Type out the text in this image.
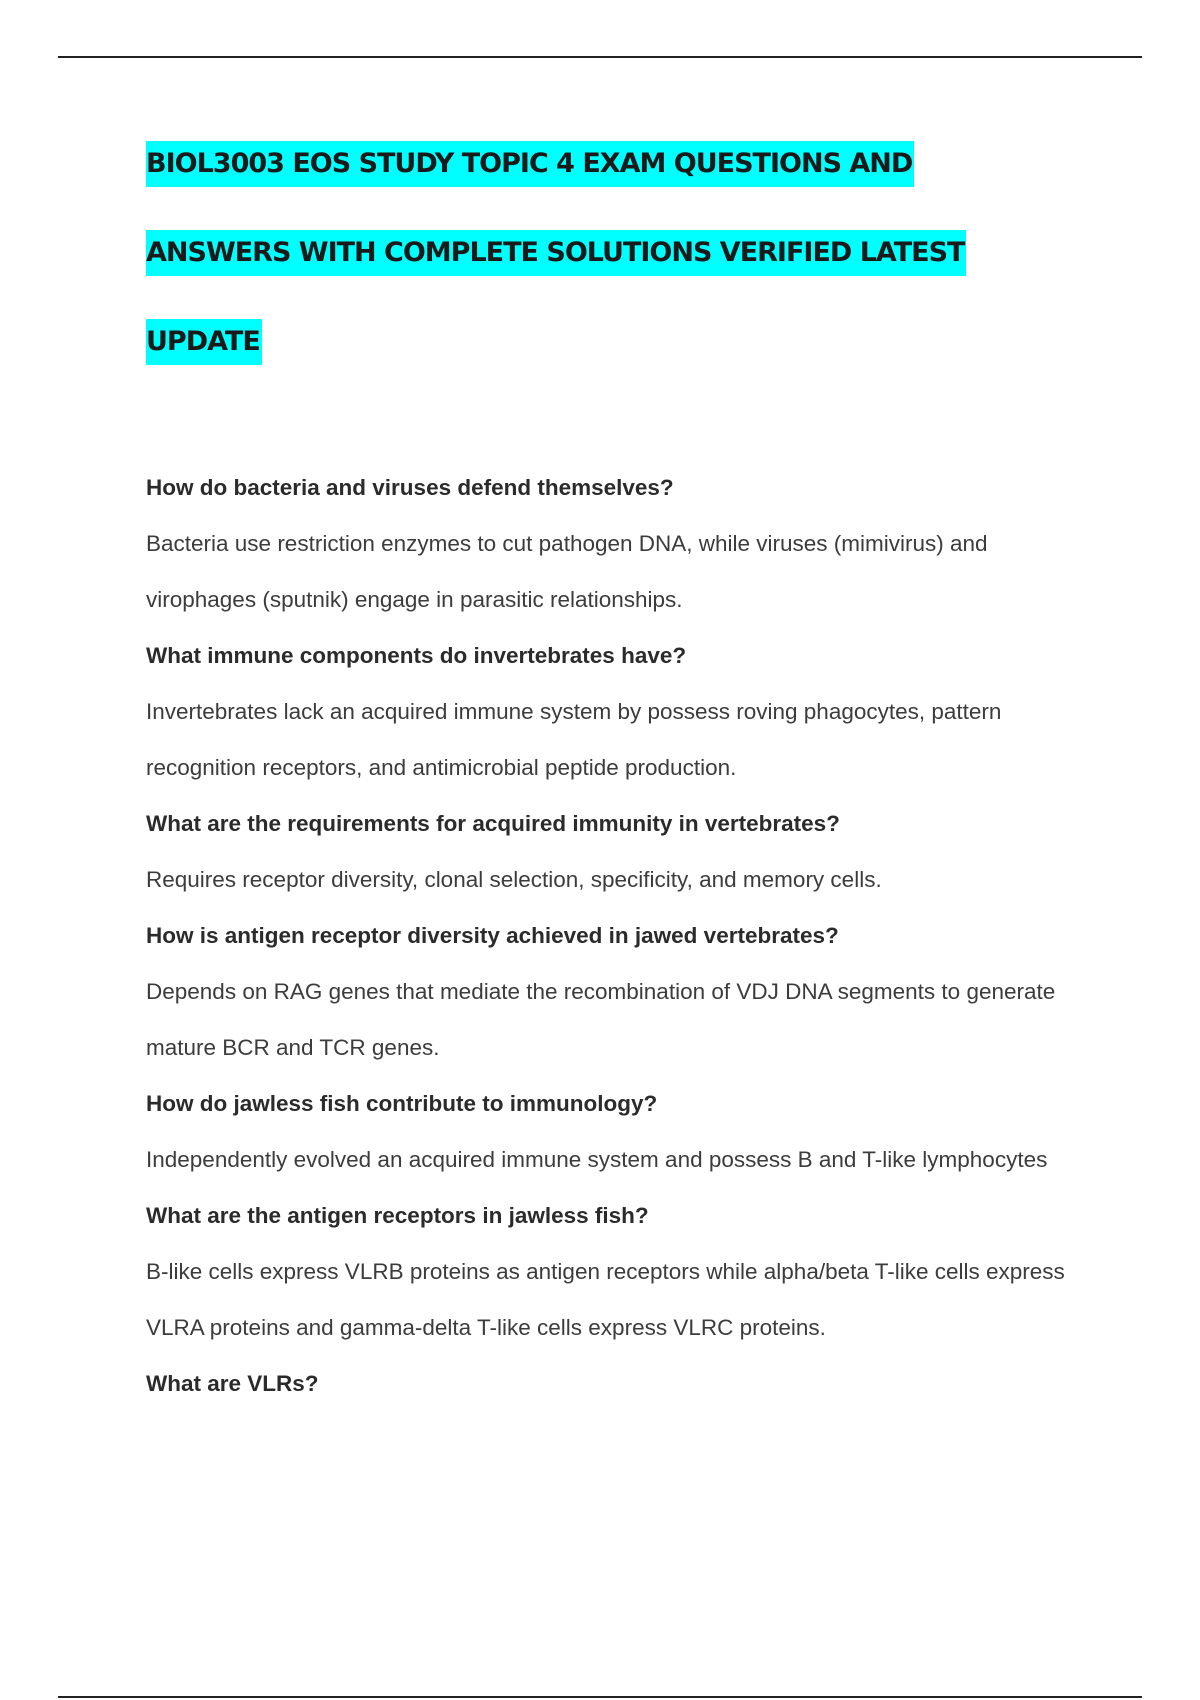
BIOL3003 EOS STUDY TOPIC 4 EXAM QUESTIONS AND
ANSWERS WITH COMPLETE SOLUTIONS VERIFIED LATEST
UPDATE

How do bacteria and viruses defend themselves?

Bacteria use restriction enzymes to cut pathogen DNA, while viruses (mimivirus) and virophages (sputnik) engage in parasitic relationships.

What immune components do invertebrates have?

Invertebrates lack an acquired immune system by possess roving phagocytes, pattern recognition receptors, and antimicrobial peptide production.

What are the requirements for acquired immunity in vertebrates?

Requires receptor diversity, clonal selection, specificity, and memory cells.

How is antigen receptor diversity achieved in jawed vertebrates?

Depends on RAG genes that mediate the recombination of VDJ DNA segments to generate mature BCR and TCR genes.

How do jawless fish contribute to immunology?

Independently evolved an acquired immune system and possess B and T-like lymphocytes

What are the antigen receptors in jawless fish?

B-like cells express VLRB proteins as antigen receptors while alpha/beta T-like cells express VLRA proteins and gamma-delta T-like cells express VLRC proteins.

What are VLRs?
